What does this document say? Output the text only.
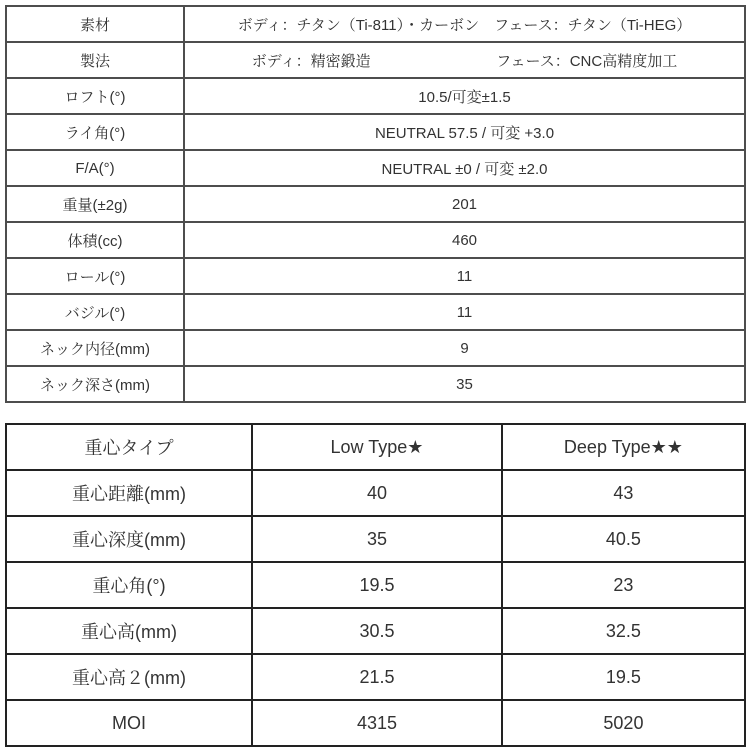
素材	ボディ：チタン（Ti-811）・カーボン フェース：チタン（Ti-HEG）

製法	ボディ：精密鍛造 フェース：CNC高精度加工

ロフト(°)	10.5/可変±1.5
ライ角(°)	NEUTRAL 57.5 / 可変 +3.0
F/A(°)	NEUTRAL ±0 / 可変 ±2.0
重量(±2g)	201
体積(cc)	460
ロール(°)	11
バジル(°)	11
ネック内径(mm)	9
ネック深さ(mm)	35
重心タイプ	Low Type★	Deep Type★★
重心距離(mm)	40	43
重心深度(mm)	35	40.5
重心角(°)	19.5	23
重心高(mm)	30.5	32.5
重心高２(mm)	21.5	19.5
MOI	4315	5020
